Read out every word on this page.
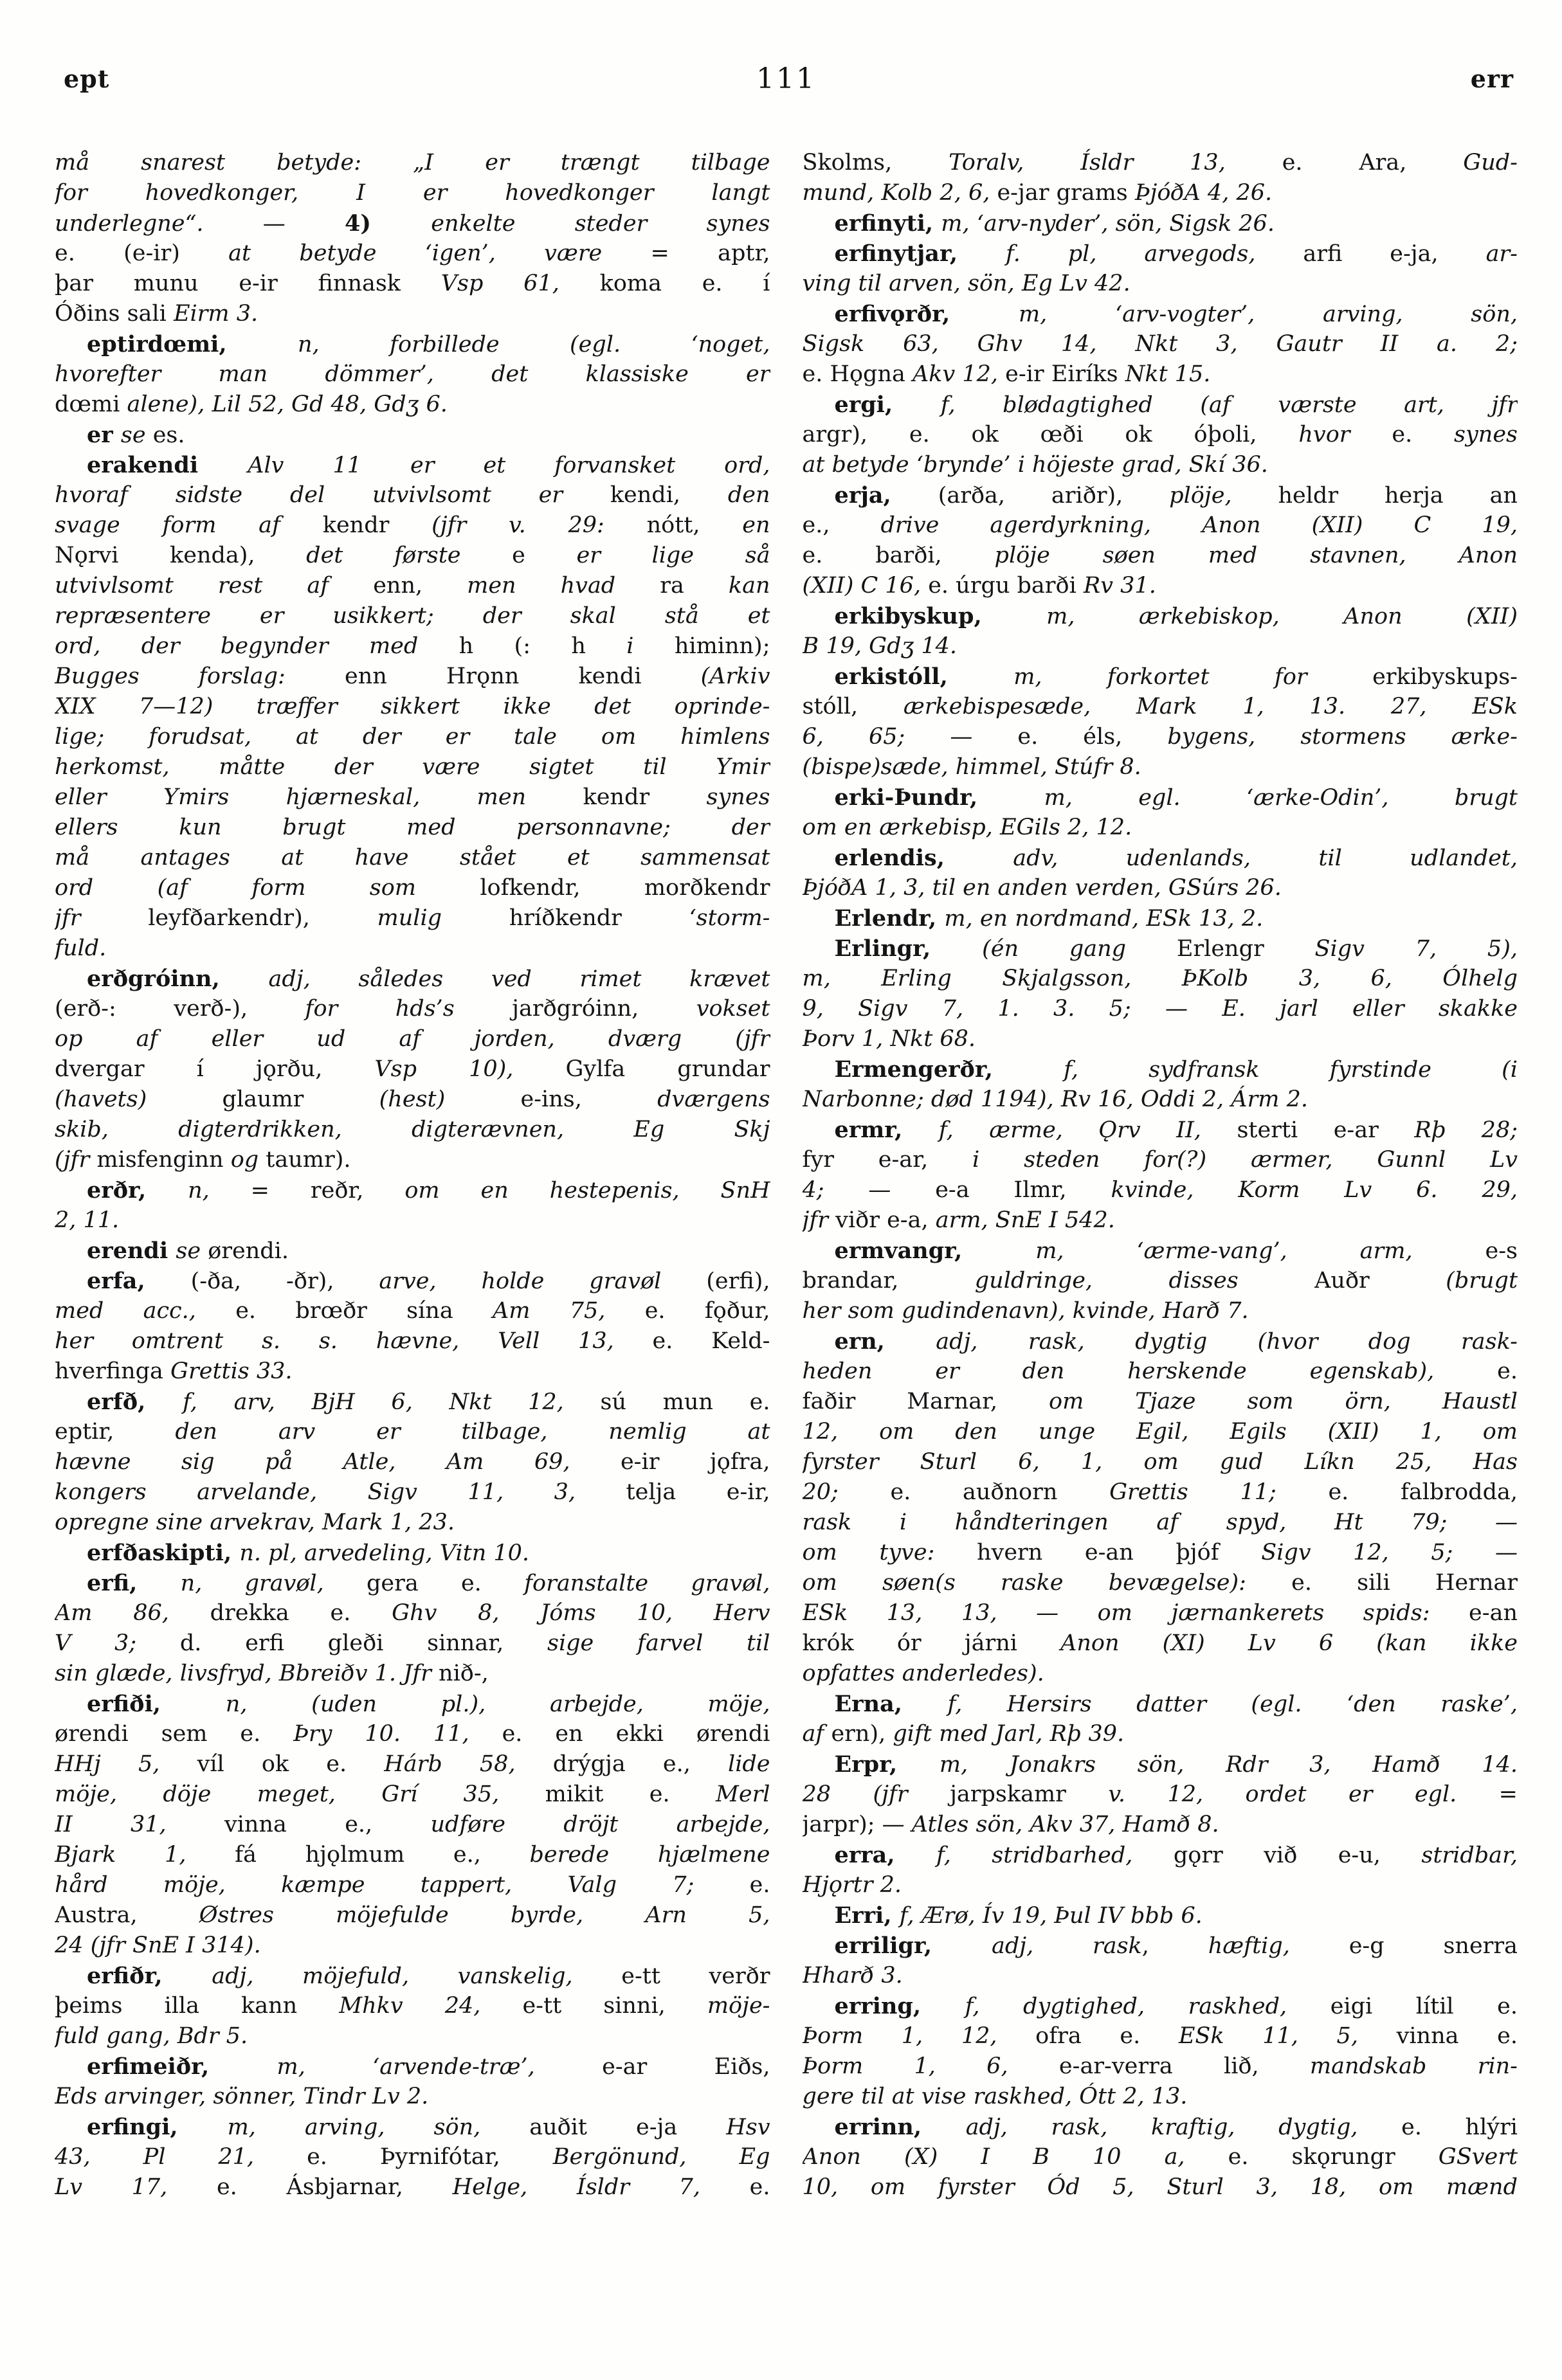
ept	111	err
må snarest betyde: „I er trængt tilbage
for hovedkonger, I er hovedkonger langt
underlegne“. — 4) enkelte steder synes
e. (e-ir) at betyde ‘igen’, være = aptr,
þar munu e-ir finnask Vsp 61, koma e. í
Óðins sali Eirm 3.
eptirdœmi, n, forbillede (egl. ‘noget,
hvorefter man dömmer’, det klassiske er
dœmi alene), Lil 52, Gd 48, Gdʒ 6.
er se es.
erakendi Alv 11 er et forvansket ord,
hvoraf sidste del utvivlsomt er kendi, den
svage form af kendr (jfr v. 29: nótt, en
Nǫrvi kenda), det første e er lige så
utvivlsomt rest af enn, men hvad ra kan
repræsentere er usikkert; der skal stå et
ord, der begynder med h (: h i himinn);
Bugges forslag: enn Hrǫnn kendi (Arkiv
XIX 7—12) træffer sikkert ikke det oprinde-
lige; forudsat, at der er tale om himlens
herkomst, måtte der være sigtet til Ymir
eller Ymirs hjærneskal, men kendr synes
ellers kun brugt med personnavne; der
må antages at have stået et sammensat
ord (af form som lofkendr, morðkendr
jfr leyfðarkendr), mulig hríðkendr ‘storm-
fuld.
erðgróinn, adj, således ved rimet krævet
(erð-: verð-), for hds’s jarðgróinn, vokset
op af eller ud af jorden, dværg (jfr
dvergar í jǫrðu, Vsp 10), Gylfa grundar
(havets) glaumr (hest) e-ins, dværgens
skib, digterdrikken, digterævnen, Eg Skj
(jfr misfenginn og taumr).
erðr, n, = reðr, om en hestepenis, SnH
2, 11.
erendi se ørendi.
erfa, (-ða, -ðr), arve, holde gravøl (erfi),
med acc., e. brœðr sína Am 75, e. fǫður,
her omtrent s. s. hævne, Vell 13, e. Keld-
hverfinga Grettis 33.
erfð, f, arv, BjH 6, Nkt 12, sú mun e.
eptir, den arv er tilbage, nemlig at
hævne sig på Atle, Am 69, e-ir jǫfra,
kongers arvelande, Sigv 11, 3, telja e-ir,
opregne sine arvekrav, Mark 1, 23.
erfðaskipti, n. pl, arvedeling, Vitn 10.
erfi, n, gravøl, gera e. foranstalte gravøl,
Am 86, drekka e. Ghv 8, Jóms 10, Herv
V 3; d. erfi gleði sinnar, sige farvel til
sin glæde, livsfryd, Bbreiðv 1. Jfr nið-,
erfiði, n, (uden pl.), arbejde, möje,
ørendi sem e. Þry 10. 11, e. en ekki ørendi
HHj 5, víl ok e. Hárb 58, drýgja e., lide
möje, döje meget, Grí 35, mikit e. Merl
II 31, vinna e., udføre dröjt arbejde,
Bjark 1, fá hjǫlmum e., berede hjælmene
hård möje, kæmpe tappert, Valg 7; e.
Austra, Østres möjefulde byrde, Arn 5,
24 (jfr SnE I 314).
erfiðr, adj, möjefuld, vanskelig, e-tt verðr
þeims illa kann Mhkv 24, e-tt sinni, möje-
fuld gang, Bdr 5.
erfimeiðr, m, ‘arvende-træ’, e-ar Eiðs,
Eds arvinger, sönner, Tindr Lv 2.
erfingi, m, arving, sön, auðit e-ja Hsv
43, Pl 21, e. Þyrnifótar, Bergönund, Eg
Lv 17, e. Ásbjarnar, Helge, Ísldr 7, e.
Skolms, Toralv, Ísldr 13, e. Ara, Gud-
mund, Kolb 2, 6, e-jar grams ÞjóðA 4, 26.
erfinyti, m, ‘arv-nyder’, sön, Sigsk 26.
erfinytjar, f. pl, arvegods, arfi e-ja, ar-
ving til arven, sön, Eg Lv 42.
erfivǫrðr, m, ‘arv-vogter’, arving, sön,
Sigsk 63, Ghv 14, Nkt 3, Gautr II a. 2;
e. Hǫgna Akv 12, e-ir Eiríks Nkt 15.
ergi, f, blødagtighed (af værste art, jfr
argr), e. ok œði ok óþoli, hvor e. synes
at betyde ‘brynde’ i höjeste grad, Skí 36.
erja, (arða, ariðr), plöje, heldr herja an
e., drive agerdyrkning, Anon (XII) C 19,
e. barði, plöje søen med stavnen, Anon
(XII) C 16, e. úrgu barði Rv 31.
erkibyskup, m, ærkebiskop, Anon (XII)
B 19, Gdʒ 14.
erkistóll, m, forkortet for erkibyskups-
stóll, ærkebispesæde, Mark 1, 13. 27, ESk
6, 65; — e. éls, bygens, stormens ærke-
(bispe)sæde, himmel, Stúfr 8.
erki-Þundr, m, egl. ‘ærke-Odin’, brugt
om en ærkebisp, EGils 2, 12.
erlendis, adv, udenlands, til udlandet,
ÞjóðA 1, 3, til en anden verden, GSúrs 26.
Erlendr, m, en nordmand, ESk 13, 2.
Erlingr, (én gang Erlengr Sigv 7, 5),
m, Erling Skjalgsson, ÞKolb 3, 6, Ólhelg
9, Sigv 7, 1. 3. 5; — E. jarl eller skakke
Þorv 1, Nkt 68.
Ermengerðr, f, sydfransk fyrstinde (i
Narbonne; død 1194), Rv 16, Oddi 2, Árm 2.
ermr, f, ærme, Ǫrv II, sterti e-ar Rþ 28;
fyr e-ar, i steden for(?) ærmer, Gunnl Lv
4; — e-a Ilmr, kvinde, Korm Lv 6. 29,
jfr viðr e-a, arm, SnE I 542.
ermvangr, m, ‘ærme-vang’, arm, e-s
brandar, guldringe, disses Auðr (brugt
her som gudindenavn), kvinde, Harð 7.
ern, adj, rask, dygtig (hvor dog rask-
heden er den herskende egenskab), e.
faðir Marnar, om Tjaze som örn, Haustl
12, om den unge Egil, Egils (XII) 1, om
fyrster Sturl 6, 1, om gud Líkn 25, Has
20; e. auðnorn Grettis 11; e. falbrodda,
rask i håndteringen af spyd, Ht 79; —
om tyve: hvern e-an þjóf Sigv 12, 5; —
om søen(s raske bevægelse): e. sili Hernar
ESk 13, 13, — om jærnankerets spids: e-an
krók ór járni Anon (XI) Lv 6 (kan ikke
opfattes anderledes).
Erna, f, Hersirs datter (egl. ‘den raske’,
af ern), gift med Jarl, Rþ 39.
Erpr, m, Jonakrs sön, Rdr 3, Hamð 14.
28 (jfr jarpskamr v. 12, ordet er egl. =
jarpr); — Atles sön, Akv 37, Hamð 8.
erra, f, stridbarhed, gǫrr við e-u, stridbar,
Hjǫrtr 2.
Erri, f, Ærø, Ív 19, Þul IV bbb 6.
erriligr, adj, rask, hæftig, e-g snerra
Hharð 3.
erring, f, dygtighed, raskhed, eigi lítil e.
Þorm 1, 12, ofra e. ESk 11, 5, vinna e.
Þorm 1, 6, e-ar-verra lið, mandskab rin-
gere til at vise raskhed, Ótt 2, 13.
errinn, adj, rask, kraftig, dygtig, e. hlýri
Anon (X) I B 10 a, e. skǫrungr GSvert
10, om fyrster Ód 5, Sturl 3, 18, om mænd
